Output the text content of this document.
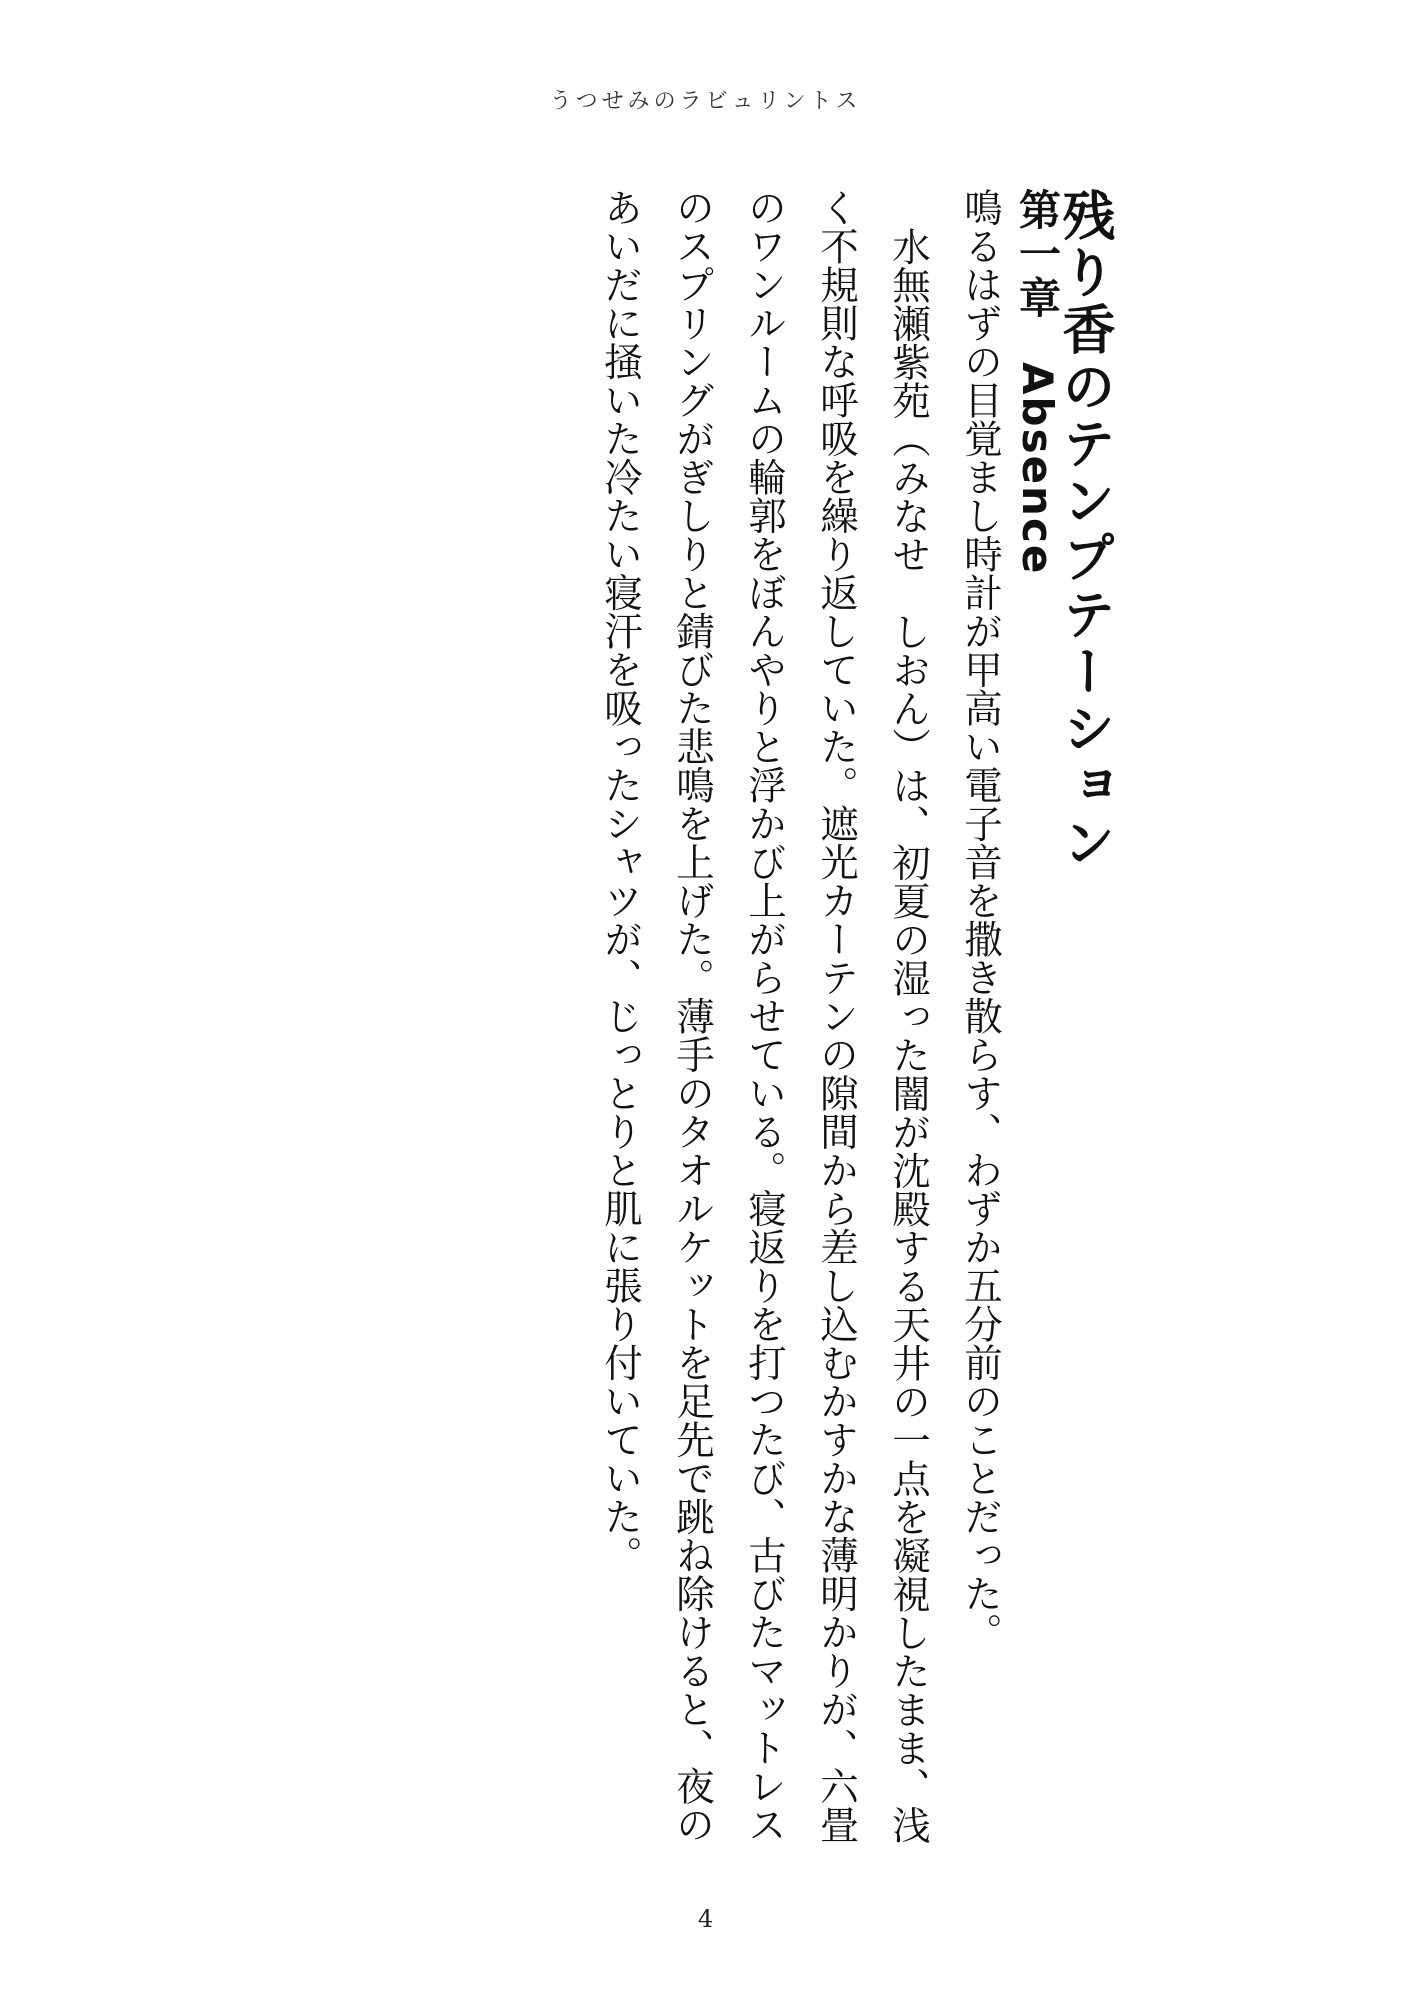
うつせみのラビュリントス
残り香のテンプテーション
第一章Absence

鳴るはずの目覚まし時計が甲高い電子音を撒き散らす、わずか五分前のことだった。

水無瀬紫苑（みなせ　しおん）は、初夏の湿った闇が沈殿する天井の一点を凝視したまま、浅く不規則な呼吸を繰り返していた。遮光カーテンの隙間から差し込むかすかな薄明かりが、六畳のワンルームの輪郭をぼんやりと浮かび上がらせている。寝返りを打つたび、古びたマットレスのスプリングがぎしりと錆びた悲鳴を上げた。薄手のタオルケットを足先で跳ね除けると、夜のあいだに掻いた冷たい寝汗を吸ったシャツが、じっとりと肌に張り付いていた。

4
